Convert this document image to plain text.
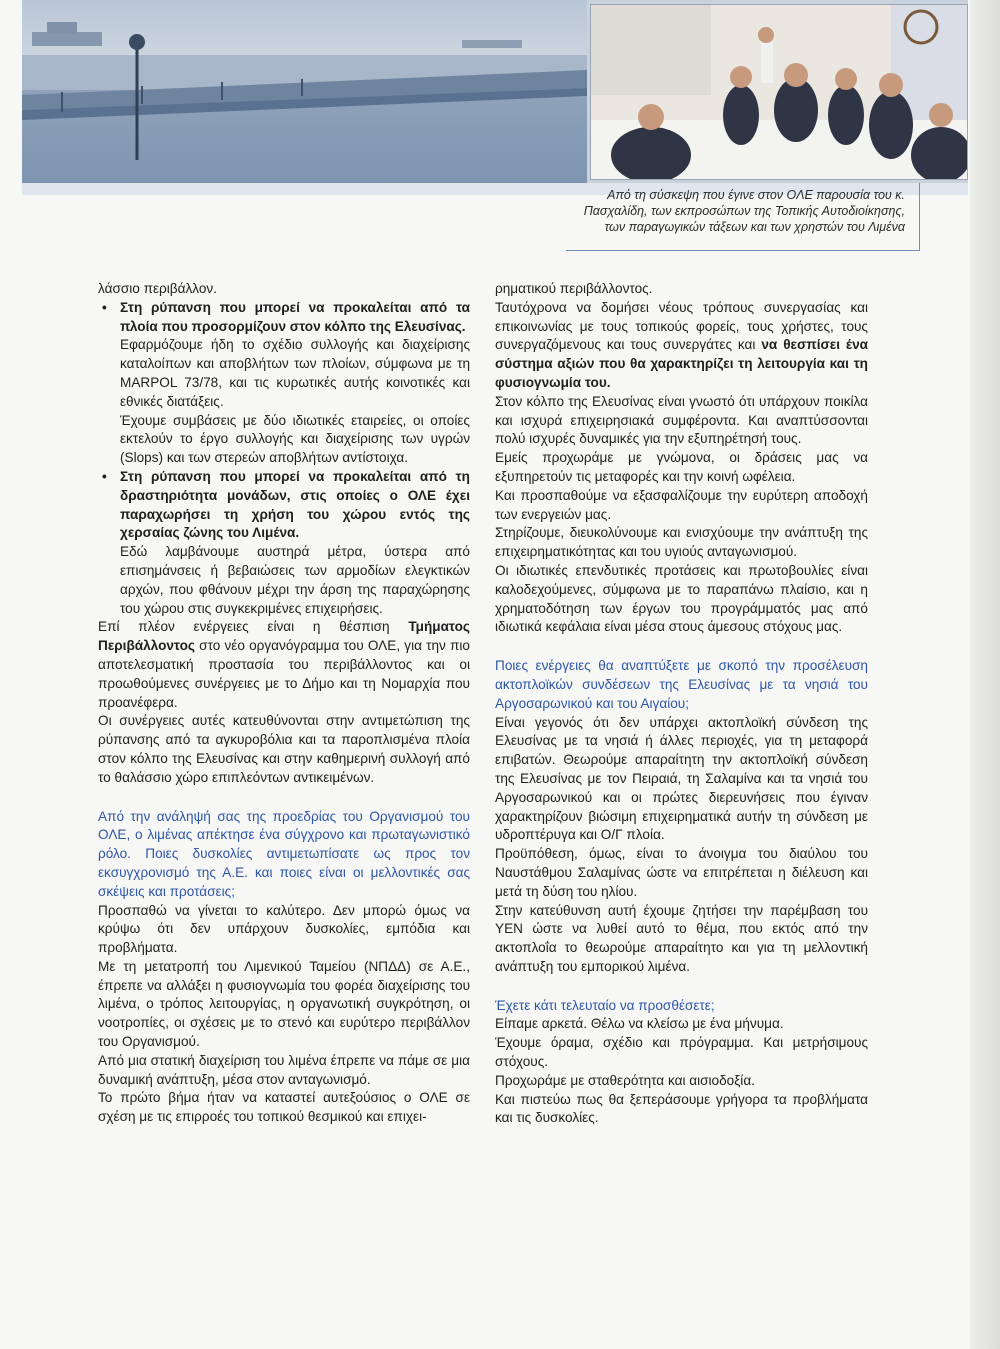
Από τη σύσκεψη που έγινε στον ΟΛΕ παρουσία του κ. Πασχαλίδη, των εκπροσώπων της Τοπικής Αυτοδιοίκησης, των παραγωγικών τάξεων και των χρηστών του Λιμένα

λάσσιο περιβάλλον.

• Στη ρύπανση που μπορεί να προκαλείται από τα πλοία που προσορμίζουν στον κόλπο της Ελευσίνας.

Εφαρμόζουμε ήδη το σχέδιο συλλογής και διαχείρισης καταλοίπων και αποβλήτων των πλοίων, σύμφωνα με τη MARPOL 73/78, και τις κυρωτικές αυτής κοινοτικές και εθνικές διατάξεις.

Έχουμε συμβάσεις με δύο ιδιωτικές εταιρείες, οι οποίες εκτελούν το έργο συλλογής και διαχείρισης των υγρών (Slops) και των στερεών αποβλήτων αντίστοιχα.

• Στη ρύπανση που μπορεί να προκαλείται από τη δραστηριότητα μονάδων, στις οποίες ο ΟΛΕ έχει παραχωρήσει τη χρήση του χώρου εντός της χερσαίας ζώνης του Λιμένα.

Εδώ λαμβάνουμε αυστηρά μέτρα, ύστερα από επισημάνσεις ή βεβαιώσεις των αρμοδίων ελεγκτικών αρχών, που φθάνουν μέχρι την άρση της παραχώρησης του χώρου στις συγκεκριμένες επιχειρήσεις.

Επί πλέον ενέργειες είναι η θέσπιση Τμήματος Περιβάλλοντος στο νέο οργανόγραμμα του ΟΛΕ, για την πιο αποτελεσματική προστασία του περιβάλλοντος και οι προωθούμενες συνέργειες με το Δήμο και τη Νομαρχία που προανέφερα.

Οι συνέργειες αυτές κατευθύνονται στην αντιμετώπιση της ρύπανσης από τα αγκυροβόλια και τα παροπλισμένα πλοία στον κόλπο της Ελευσίνας και στην καθημερινή συλλογή από το θαλάσσιο χώρο επιπλεόντων αντικειμένων.

Από την ανάληψή σας της προεδρίας του Οργανισμού του ΟΛΕ, ο λιμένας απέκτησε ένα σύγχρονο και πρωταγωνιστικό ρόλο. Ποιες δυσκολίες αντιμετωπίσατε ως προς τον εκσυγχρονισμό της Α.Ε. και ποιες είναι οι μελλοντικές σας σκέψεις και προτάσεις;

Προσπαθώ να γίνεται το καλύτερο. Δεν μπορώ όμως να κρύψω ότι δεν υπάρχουν δυσκολίες, εμπόδια και προβλήματα.

Με τη μετατροπή του Λιμενικού Ταμείου (ΝΠΔΔ) σε Α.Ε., έπρεπε να αλλάξει η φυσιογνωμία του φορέα διαχείρισης του λιμένα, ο τρόπος λειτουργίας, η οργανωτική συγκρότηση, οι νοοτροπίες, οι σχέσεις με το στενό και ευρύτερο περιβάλλον του Οργανισμού.

Από μια στατική διαχείριση του λιμένα έπρεπε να πάμε σε μια δυναμική ανάπτυξη, μέσα στον ανταγωνισμό.

Το πρώτο βήμα ήταν να καταστεί αυτεξούσιος ο ΟΛΕ σε σχέση με τις επιρροές του τοπικού θεσμικού και επιχει-

ρηματικού περιβάλλοντος.

Ταυτόχρονα να δομήσει νέους τρόπους συνεργασίας και επικοινωνίας με τους τοπικούς φορείς, τους χρήστες, τους συνεργαζόμενους και τους συνεργάτες και να θεσπίσει ένα σύστημα αξιών που θα χαρακτηρίζει τη λειτουργία και τη φυσιογνωμία του.

Στον κόλπο της Ελευσίνας είναι γνωστό ότι υπάρχουν ποικίλα και ισχυρά επιχειρησιακά συμφέροντα. Και αναπτύσσονται πολύ ισχυρές δυναμικές για την εξυπηρέτησή τους.

Εμείς προχωράμε με γνώμονα, οι δράσεις μας να εξυπηρετούν τις μεταφορές και την κοινή ωφέλεια.

Και προσπαθούμε να εξασφαλίζουμε την ευρύτερη αποδοχή των ενεργειών μας.

Στηρίζουμε, διευκολύνουμε και ενισχύουμε την ανάπτυξη της επιχειρηματικότητας και του υγιούς ανταγωνισμού.

Οι ιδιωτικές επενδυτικές προτάσεις και πρωτοβουλίες είναι καλοδεχούμενες, σύμφωνα με το παραπάνω πλαίσιο, και η χρηματοδότηση των έργων του προγράμματός μας από ιδιωτικά κεφάλαια είναι μέσα στους άμεσους στόχους μας.

Ποιες ενέργειες θα αναπτύξετε με σκοπό την προσέλευση ακτοπλοϊκών συνδέσεων της Ελευσίνας με τα νησιά του Αργοσαρωνικού και του Αιγαίου;

Είναι γεγονός ότι δεν υπάρχει ακτοπλοϊκή σύνδεση της Ελευσίνας με τα νησιά ή άλλες περιοχές, για τη μεταφορά επιβατών. Θεωρούμε απαραίτητη την ακτοπλοϊκή σύνδεση της Ελευσίνας με τον Πειραιά, τη Σαλαμίνα και τα νησιά του Αργοσαρωνικού και οι πρώτες διερευνήσεις που έγιναν χαρακτηρίζουν βιώσιμη επιχειρηματικά αυτήν τη σύνδεση με υδροπτέρυγα και Ο/Γ πλοία.

Προϋπόθεση, όμως, είναι το άνοιγμα του διαύλου του Ναυστάθμου Σαλαμίνας ώστε να επιτρέπεται η διέλευση και μετά τη δύση του ηλίου.

Στην κατεύθυνση αυτή έχουμε ζητήσει την παρέμβαση του ΥΕΝ ώστε να λυθεί αυτό το θέμα, που εκτός από την ακτοπλοΐα το θεωρούμε απαραίτητο και για τη μελλοντική ανάπτυξη του εμπορικού λιμένα.

Έχετε κάτι τελευταίο να προσθέσετε;

Είπαμε αρκετά. Θέλω να κλείσω με ένα μήνυμα.

Έχουμε όραμα, σχέδιο και πρόγραμμα. Και μετρήσιμους στόχους.

Προχωράμε με σταθερότητα και αισιοδοξία.

Και πιστεύω πως θα ξεπεράσουμε γρήγορα τα προβλήματα και τις δυσκολίες.
